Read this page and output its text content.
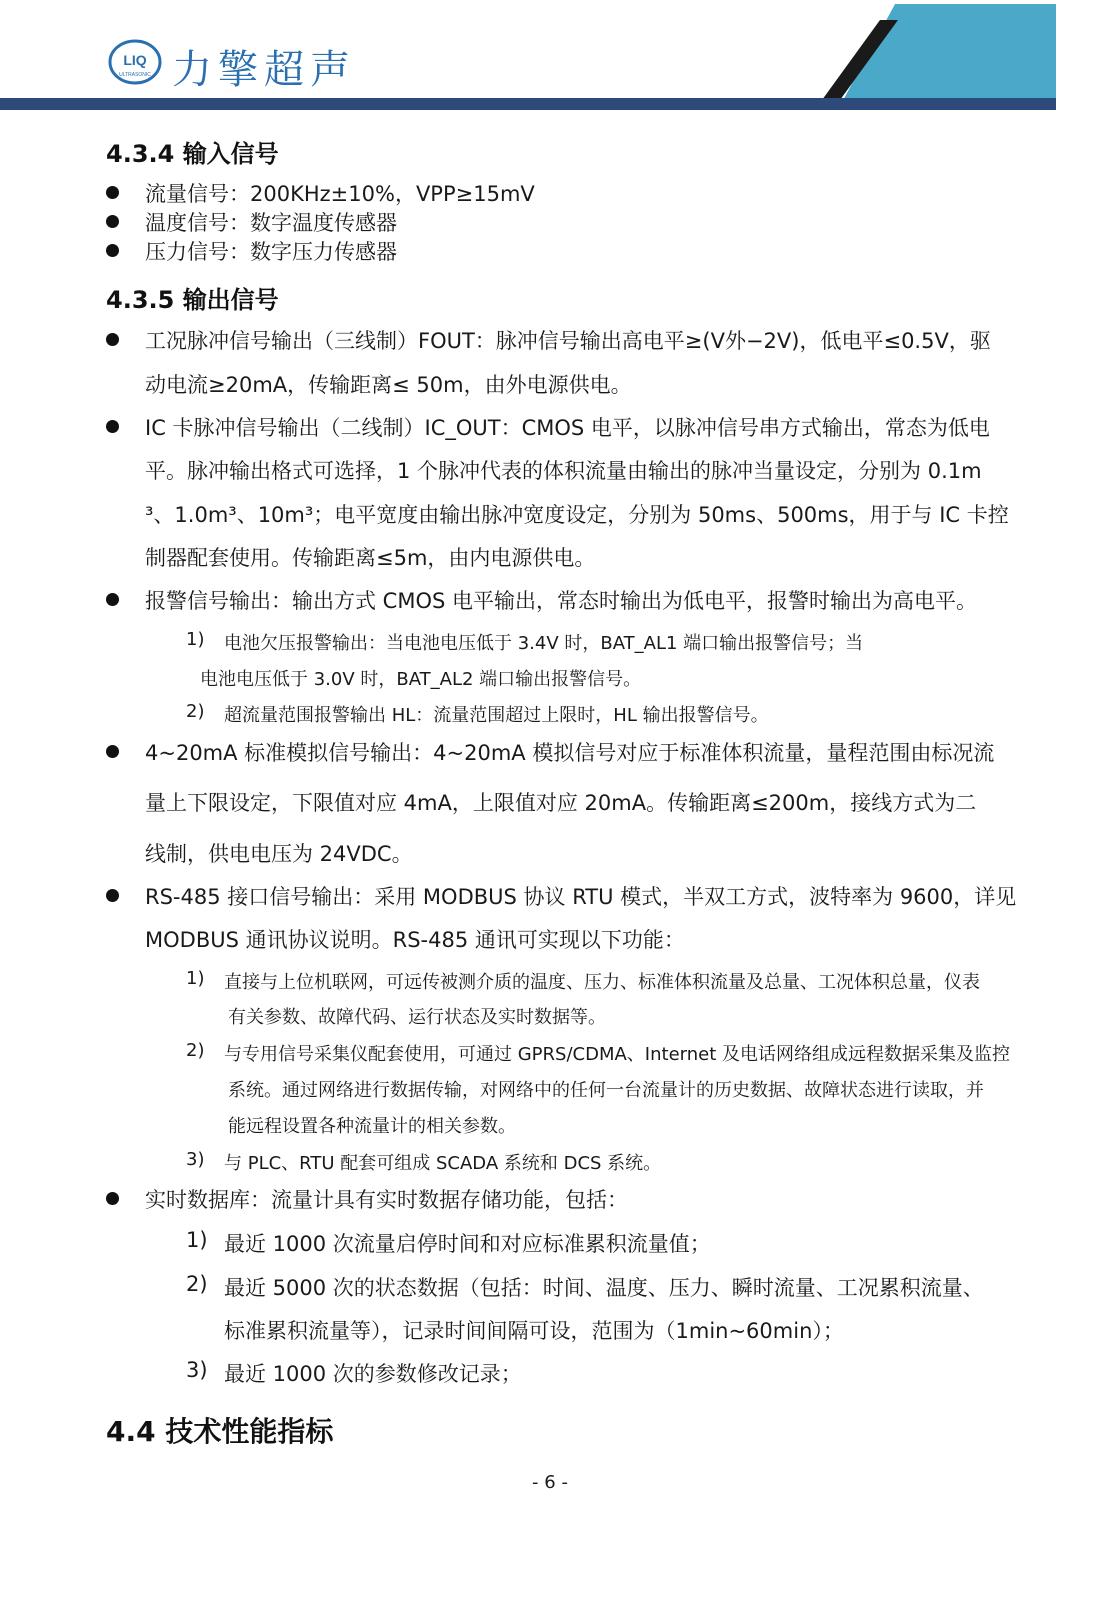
LIQ
ULTRASONIC 力擎超声
4.3.4 输入信号
流量信号：200KHz±10%，VPP≥15mV
温度信号：数字温度传感器
压力信号：数字压力传感器
4.3.5 输出信号
工况脉冲信号输出（三线制）FOUT：脉冲信号输出高电平≥(V外−2V)，低电平≤0.5V，驱
动电流≥20mA，传输距离≤ 50m，由外电源供电。
IC 卡脉冲信号输出（二线制）IC_OUT：CMOS 电平，以脉冲信号串方式输出，常态为低电
平。脉冲输出格式可选择，1 个脉冲代表的体积流量由输出的脉冲当量设定，分别为 0.1m
³、1.0m³、10m³；电平宽度由输出脉冲宽度设定，分别为 50ms、500ms，用于与 IC 卡控
制器配套使用。传输距离≤5m，由内电源供电。
报警信号输出：输出方式 CMOS 电平输出，常态时输出为低电平，报警时输出为高电平。
1) 电池欠压报警输出：当电池电压低于 3.4V 时，BAT_AL1 端口输出报警信号；当
电池电压低于 3.0V 时，BAT_AL2 端口输出报警信号。
2) 超流量范围报警输出 HL：流量范围超过上限时，HL 输出报警信号。
4~20mA 标准模拟信号输出：4~20mA 模拟信号对应于标准体积流量，量程范围由标况流
量上下限设定，下限值对应 4mA，上限值对应 20mA。传输距离≤200m，接线方式为二
线制，供电电压为 24VDC。
RS-485 接口信号输出：采用 MODBUS 协议 RTU 模式，半双工方式，波特率为 9600，详见
MODBUS 通讯协议说明。RS-485 通讯可实现以下功能：
1) 直接与上位机联网，可远传被测介质的温度、压力、标准体积流量及总量、工况体积总量，仪表
有关参数、故障代码、运行状态及实时数据等。
2) 与专用信号采集仪配套使用，可通过 GPRS/CDMA、Internet 及电话网络组成远程数据采集及监控
系统。通过网络进行数据传输，对网络中的任何一台流量计的历史数据、故障状态进行读取，并
能远程设置各种流量计的相关参数。
3) 与 PLC、RTU 配套可组成 SCADA 系统和 DCS 系统。
实时数据库：流量计具有实时数据存储功能，包括：
1) 最近 1000 次流量启停时间和对应标准累积流量值；
2) 最近 5000 次的状态数据（包括：时间、温度、压力、瞬时流量、工况累积流量、
标准累积流量等），记录时间间隔可设，范围为（1min~60min）；
3) 最近 1000 次的参数修改记录；
4.4 技术性能指标
- 6 -
